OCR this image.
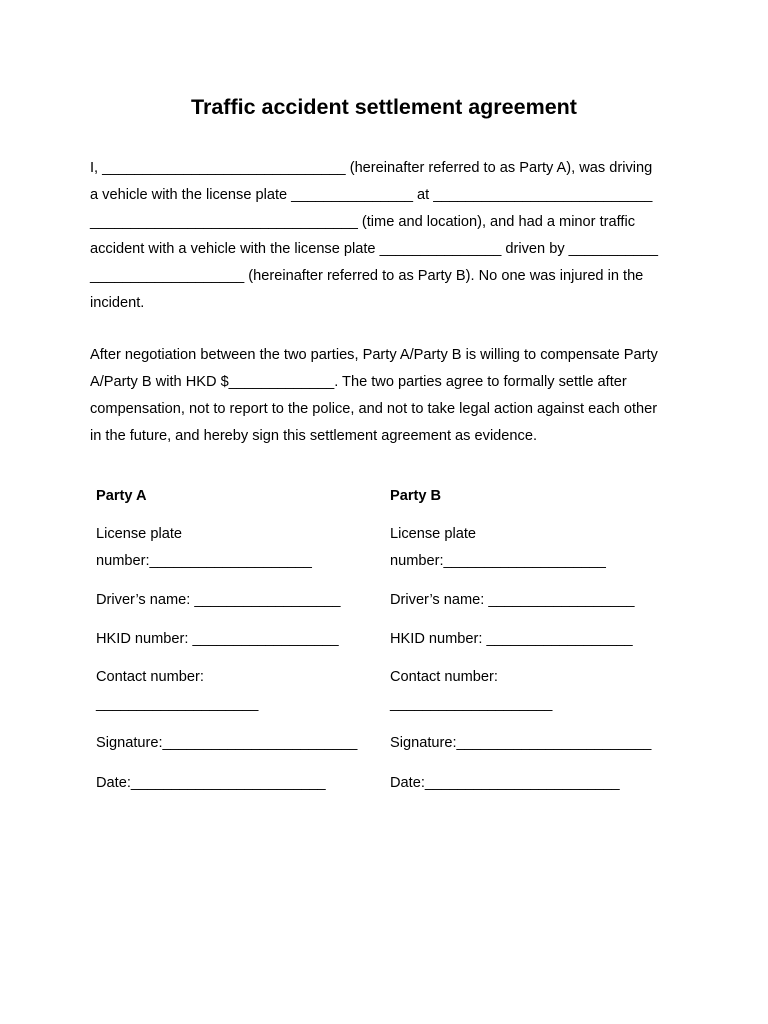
Traffic accident settlement agreement

I, ______________________________ (hereinafter referred to as Party A), was driving
a vehicle with the license plate _______________ at ___________________________
_________________________________ (time and location), and had a minor traffic
accident with a vehicle with the license plate _______________ driven by ___________
___________________ (hereinafter referred to as Party B). No one was injured in the
incident.

After negotiation between the two parties, Party A/Party B is willing to compensate Party
A/Party B with HKD $_____________. The two parties agree to formally settle after
compensation, not to report to the police, and not to take legal action against each other
in the future, and hereby sign this settlement agreement as evidence.

Party A
License plate
number:____________________
Driver’s name: __________________
HKID number: __________________
Contact number:
____________________
Signature:________________________
Date:________________________
Party B
License plate
number:____________________
Driver’s name: __________________
HKID number: __________________
Contact number:
____________________
Signature:________________________
Date:________________________
